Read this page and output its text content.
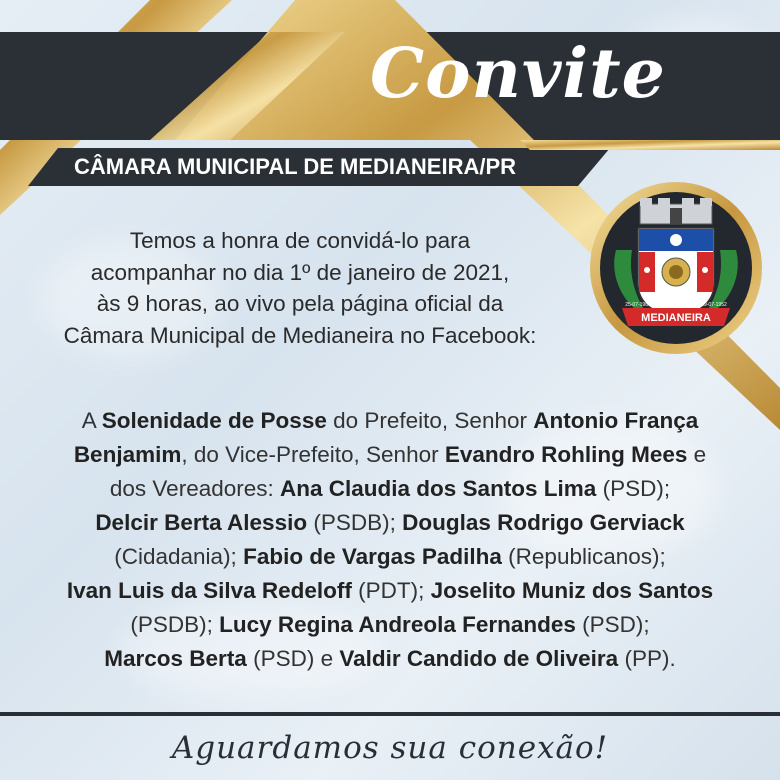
Convite
CÂMARA MUNICIPAL DE MEDIANEIRA/PR
MEDIANEIRA
25-07-1960	19-07-1952
Temos a honra de convidá-lo para
acompanhar no dia 1º de janeiro de 2021,
às 9 horas, ao vivo pela página oficial da
Câmara Municipal de Medianeira no Facebook:
A Solenidade de Posse do Prefeito, Senhor Antonio França
Benjamim, do Vice-Prefeito, Senhor Evandro Rohling Mees e
dos Vereadores: Ana Claudia dos Santos Lima (PSD);
Delcir Berta Alessio (PSDB); Douglas Rodrigo Gerviack
(Cidadania); Fabio de Vargas Padilha (Republicanos);
Ivan Luis da Silva Redeloff (PDT); Joselito Muniz dos Santos
(PSDB); Lucy Regina Andreola Fernandes (PSD);
Marcos Berta (PSD) e Valdir Candido de Oliveira (PP).
Aguardamos sua conexão!
